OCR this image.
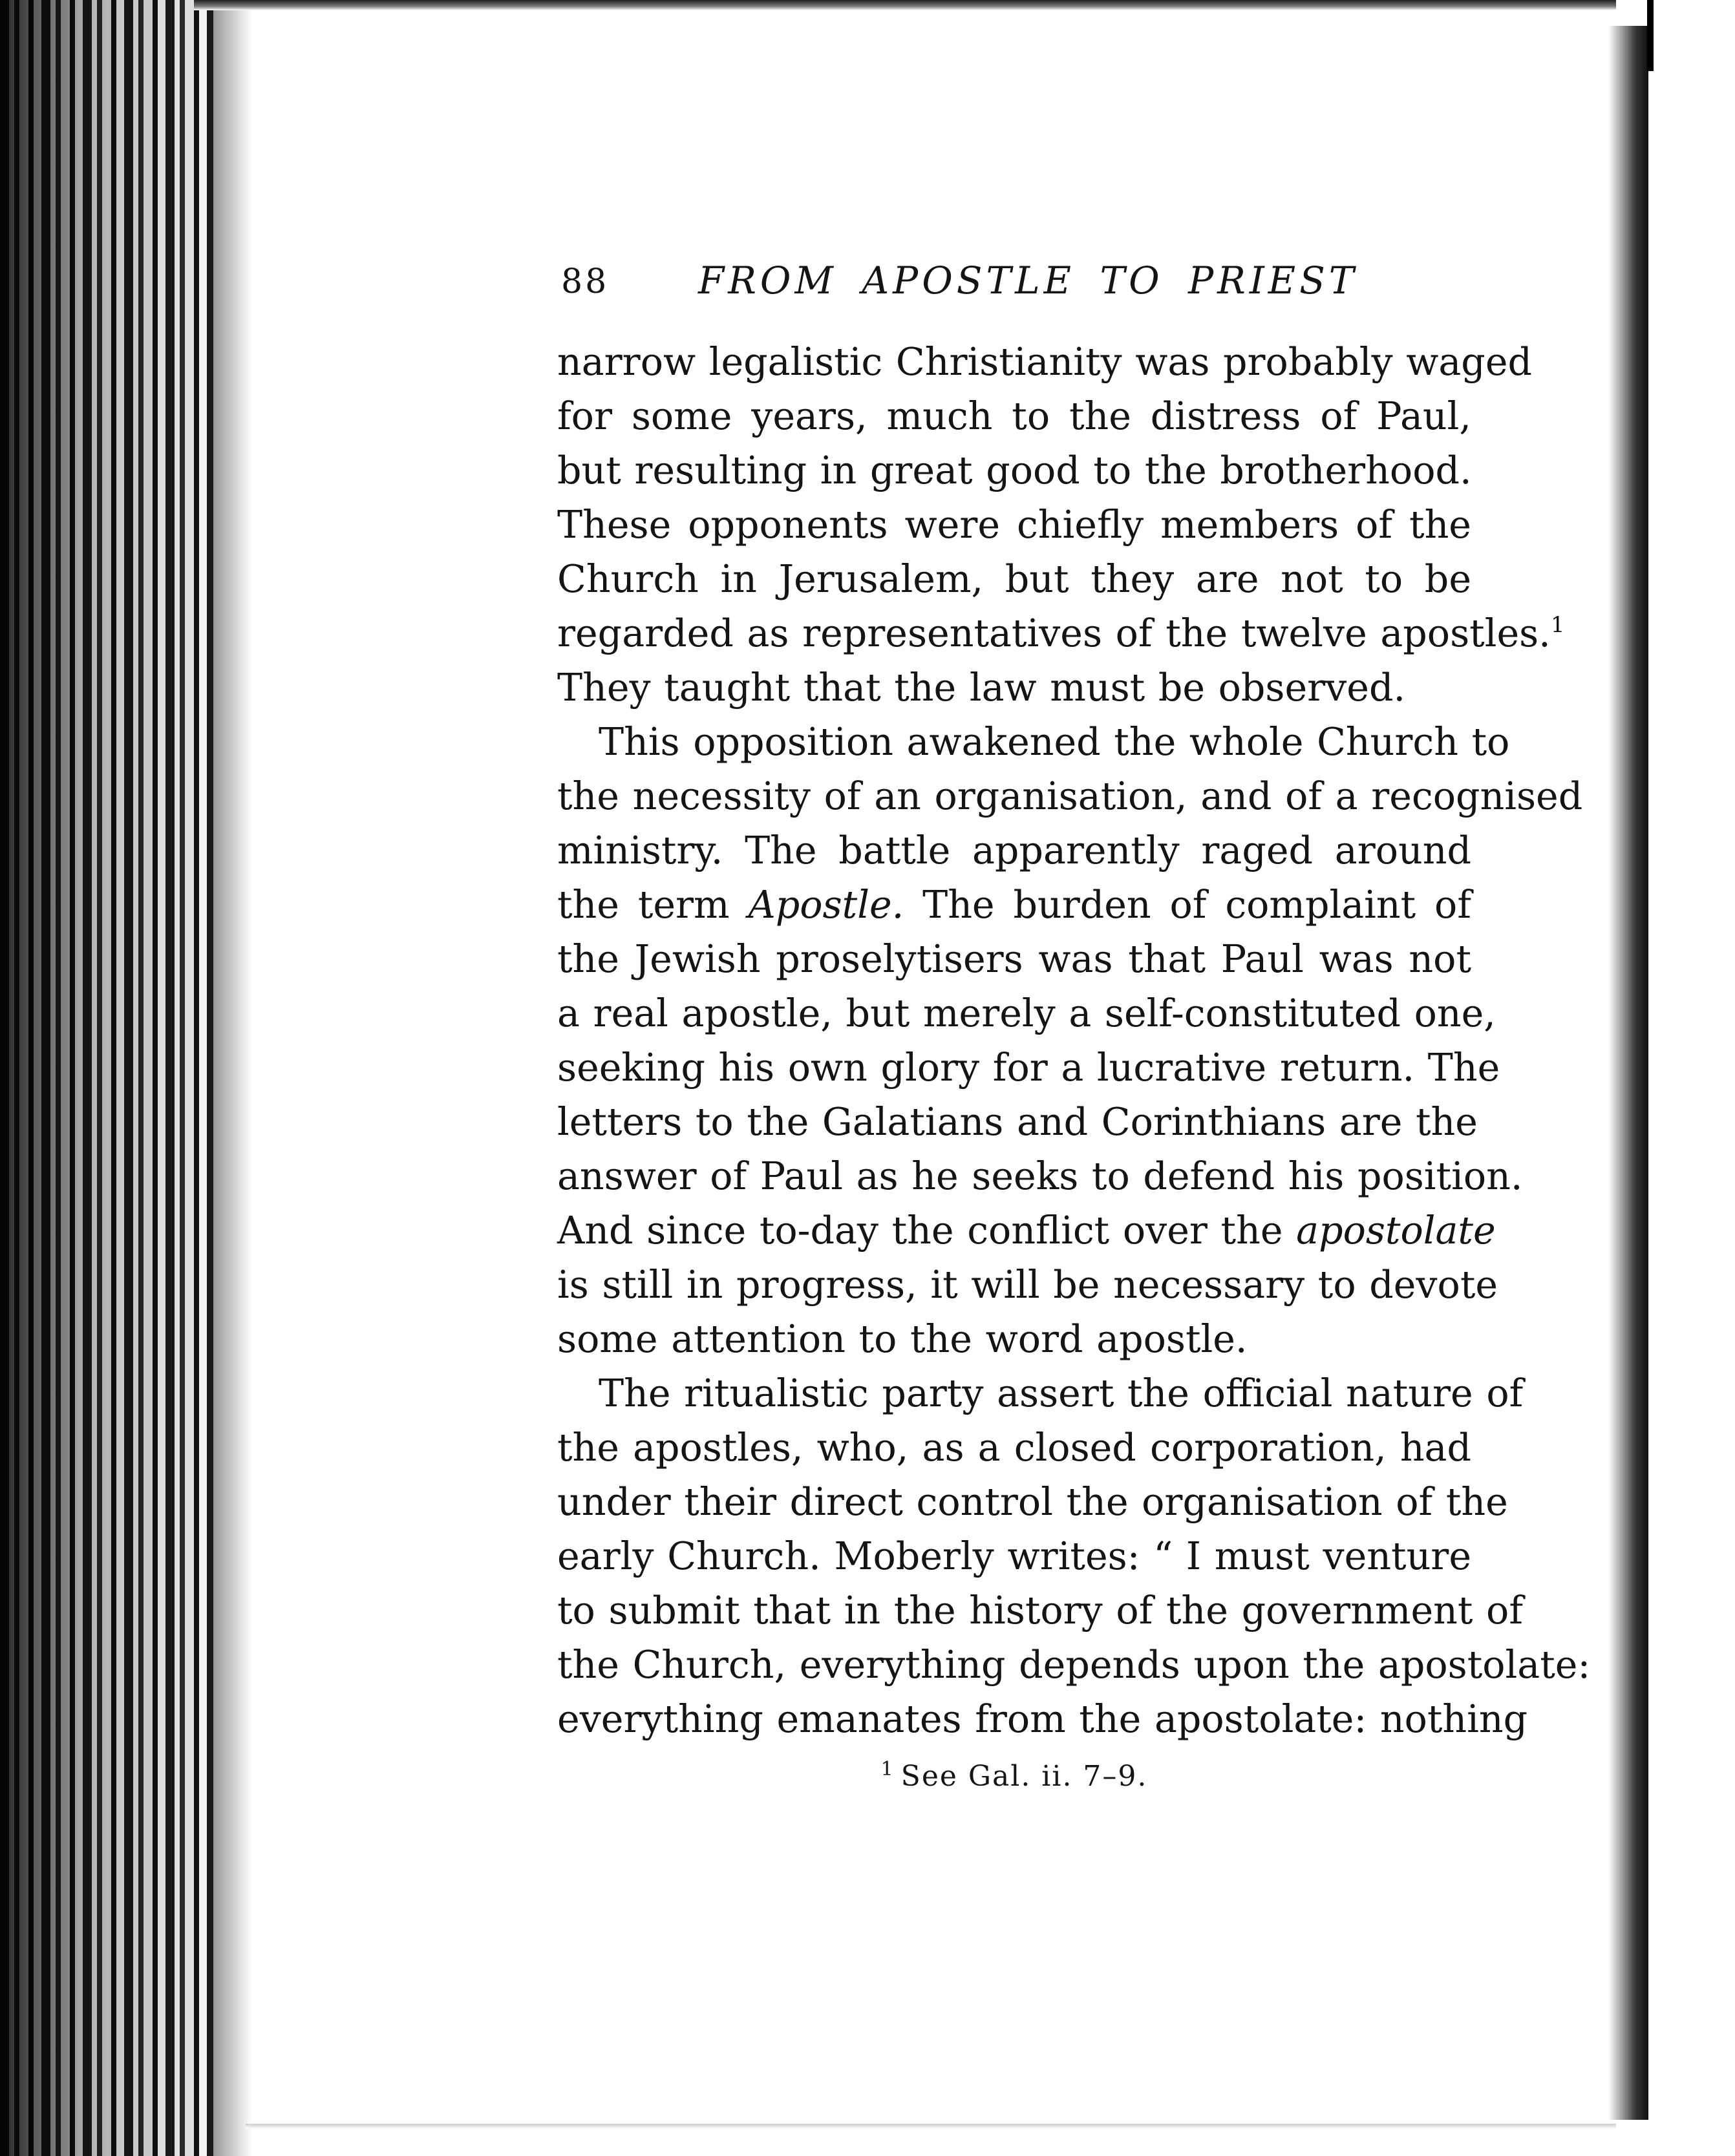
88 FROM APOSTLE TO PRIEST

narrow legalistic Christianity was probably waged
for some years, much to the distress of Paul,
but resulting in great good to the brotherhood.
These opponents were chiefly members of the
Church in Jerusalem, but they are not to be
regarded as representatives of the twelve apostles.$^1$
They taught that the law must be observed.

This opposition awakened the whole Church to
the necessity of an organisation, and of a recognised
ministry. The battle apparently raged around
the term Apostle. The burden of complaint of
the Jewish proselytisers was that Paul was not
a real apostle, but merely a self-constituted one,
seeking his own glory for a lucrative return. The
letters to the Galatians and Corinthians are the
answer of Paul as he seeks to defend his position.
And since to-day the conflict over the apostolate
is still in progress, it will be necessary to devote
some attention to the word apostle.

The ritualistic party assert the official nature of
the apostles, who, as a closed corporation, had
under their direct control the organisation of the
early Church. Moberly writes: “ I must venture
to submit that in the history of the government of
the Church, everything depends upon the apostolate:
everything emanates from the apostolate: nothing

$^1$ See Gal. ii. 7–9.
